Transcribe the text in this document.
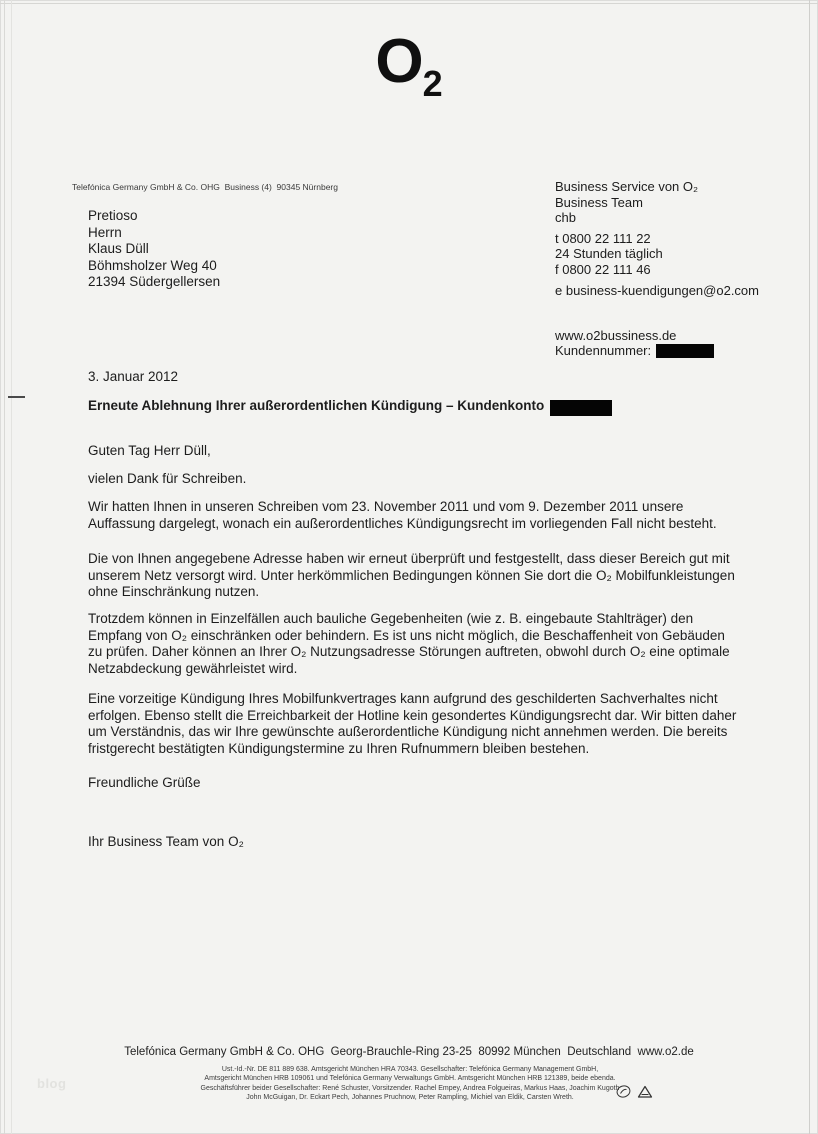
O2
Telefónica Germany GmbH & Co. OHG  Business (4)  90345 Nürnberg
Pretioso
Herrn
Klaus Düll
Böhmsholzer Weg 40
21394 Südergellersen
Business Service von O₂
Business Team
chb
t 0800 22 111 22
24 Stunden täglich
f 0800 22 111 46
e business-kuendigungen@o2.com
www.o2bussiness.de
Kundennummer:
3. Januar 2012
Erneute Ablehnung Ihrer außerordentlichen Kündigung – Kundenkonto
Guten Tag Herr Düll,
vielen Dank für Schreiben.
Wir hatten Ihnen in unseren Schreiben vom 23. November 2011 und vom 9. Dezember 2011 unsere Auffassung dargelegt, wonach ein außerordentliches Kündigungsrecht im vorliegenden Fall nicht besteht.
Die von Ihnen angegebene Adresse haben wir erneut überprüft und festgestellt, dass dieser Bereich gut mit unserem Netz versorgt wird. Unter herkömmlichen Bedingungen können Sie dort die O₂ Mobilfunkleistungen ohne Einschränkung nutzen.
Trotzdem können in Einzelfällen auch bauliche Gegebenheiten (wie z. B. eingebaute Stahlträger) den Empfang von O₂ einschränken oder behindern. Es ist uns nicht möglich, die Beschaffenheit von Gebäuden zu prüfen. Daher können an Ihrer O₂ Nutzungsadresse Störungen auftreten, obwohl durch O₂ eine optimale Netzabdeckung gewährleistet wird.
Eine vorzeitige Kündigung Ihres Mobilfunkvertrages kann aufgrund des geschilderten Sachverhaltes nicht erfolgen. Ebenso stellt die Erreichbarkeit der Hotline kein gesondertes Kündigungsrecht dar. Wir bitten daher um Verständnis, das wir Ihre gewünschte außerordentliche Kündigung nicht annehmen werden. Die bereits fristgerecht bestätigten Kündigungstermine zu Ihren Rufnummern bleiben bestehen.
Freundliche Grüße
Ihr Business Team von O₂
Telefónica Germany GmbH & Co. OHG  Georg-Brauchle-Ring 23-25  80992 München  Deutschland  www.o2.de
Ust.-Id.-Nr. DE 811 889 638. Amtsgericht München HRA 70343. Gesellschafter: Telefónica Germany Management GmbH,
Amtsgericht München HRB 109061 und Telefónica Germany Verwaltungs GmbH. Amtsgericht München HRB 121389, beide ebenda.
Geschäftsführer beider Gesellschafter: René Schuster, Vorsitzender. Rachel Empey, Andrea Folgueiras, Markus Haas, Joachim Kugoth
John McGuigan, Dr. Eckart Pech, Johannes Pruchnow, Peter Rampling, Michiel van Eldik, Carsten Wreth.
blog
